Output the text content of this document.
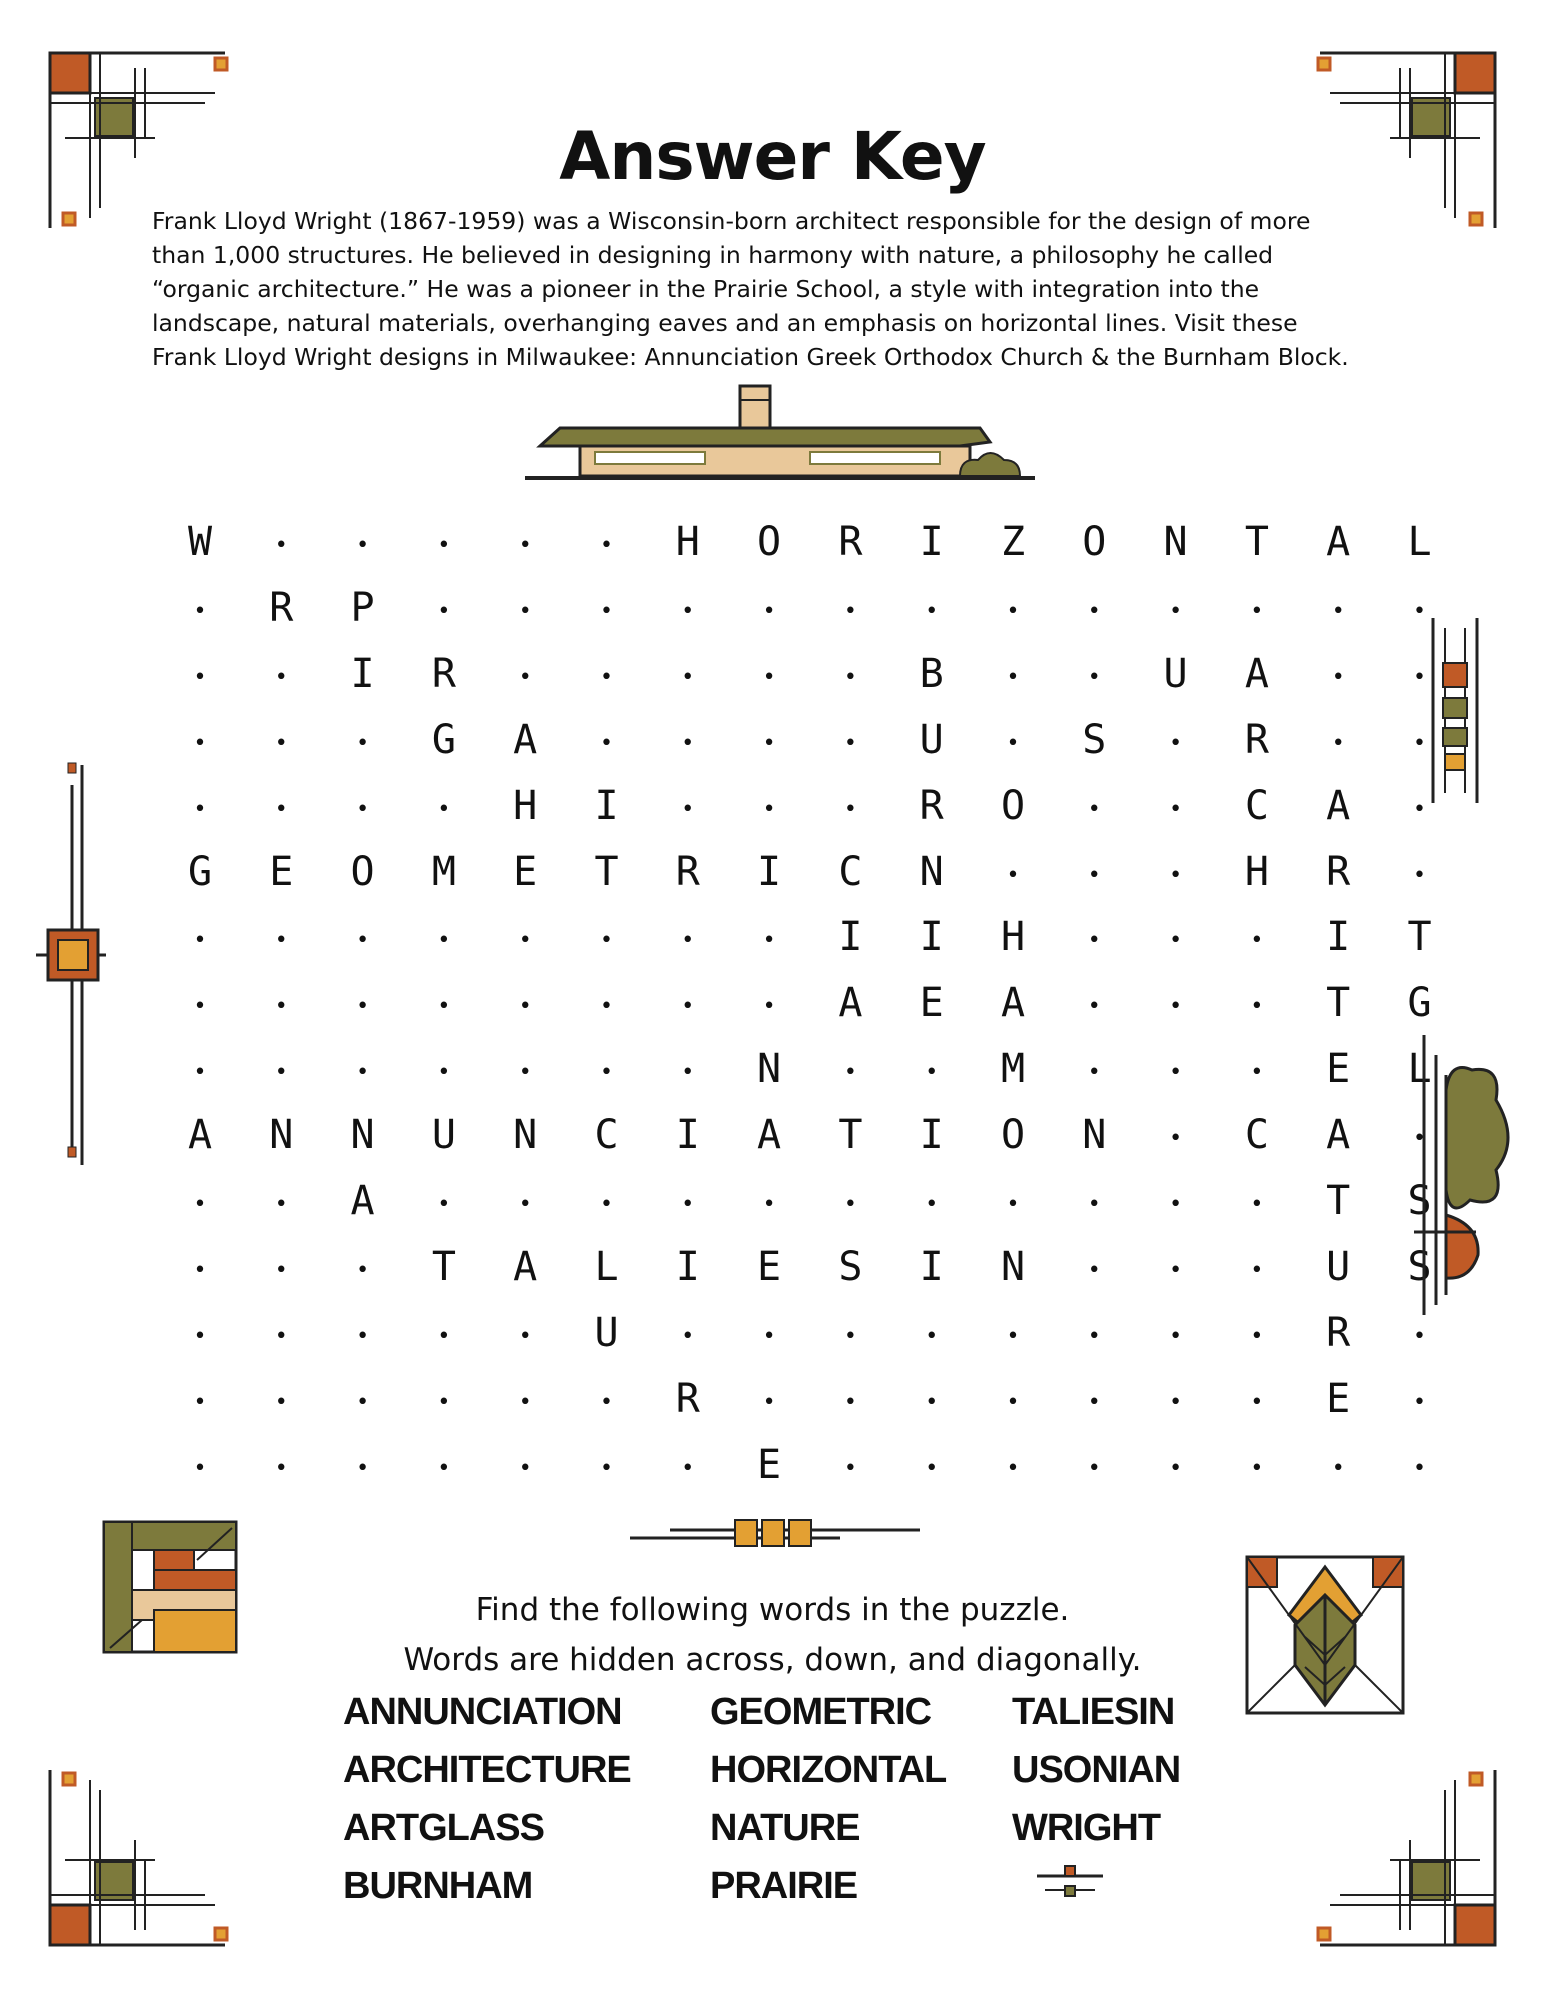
Answer Key

Frank Lloyd Wright (1867-1959) was a Wisconsin-born architect responsible for the design of more

than 1,000 structures. He believed in designing in harmony with nature, a philosophy he called

“organic architecture.” He was a pioneer in the Prairie School, a style with integration into the

landscape, natural materials, overhanging eaves and an emphasis on horizontal lines. Visit these

Frank Lloyd Wright designs in Milwaukee: Annunciation Greek Orthodox Church & the Burnham Block.

W	•	•	•	•	•	H	O	R	I	Z	O	N	T	A	L
•	R	P	•	•	•	•	•	•	•	•	•	•	•	•	•
•	•	I	R	•	•	•	•	•	B	•	•	U	A	•	•
•	•	•	G	A	•	•	•	•	U	•	S	•	R	•	•
•	•	•	•	H	I	•	•	•	R	O	•	•	C	A	•
G	E	O	M	E	T	R	I	C	N	•	•	•	H	R	•
•	•	•	•	•	•	•	•	I	I	H	•	•	•	I	T
•	•	•	•	•	•	•	•	A	E	A	•	•	•	T	G
•	•	•	•	•	•	•	N	•	•	M	•	•	•	E	L
A	N	N	U	N	C	I	A	T	I	O	N	•	C	A	•
•	•	A	•	•	•	•	•	•	•	•	•	•	•	T	S
•	•	•	T	A	L	I	E	S	I	N	•	•	•	U	S
•	•	•	•	•	U	•	•	•	•	•	•	•	•	R	•
•	•	•	•	•	•	R	•	•	•	•	•	•	•	E	•
•	•	•	•	•	•	•	E	•	•	•	•	•	•	•	•
Find the following words in the puzzle.
Words are hidden across, down, and diagonally.
ANNUNCIATION
ARCHITECTURE
ARTGLASS
BURNHAM
GEOMETRIC
HORIZONTAL
NATURE
PRAIRIE
TALIESIN
USONIAN
WRIGHT
